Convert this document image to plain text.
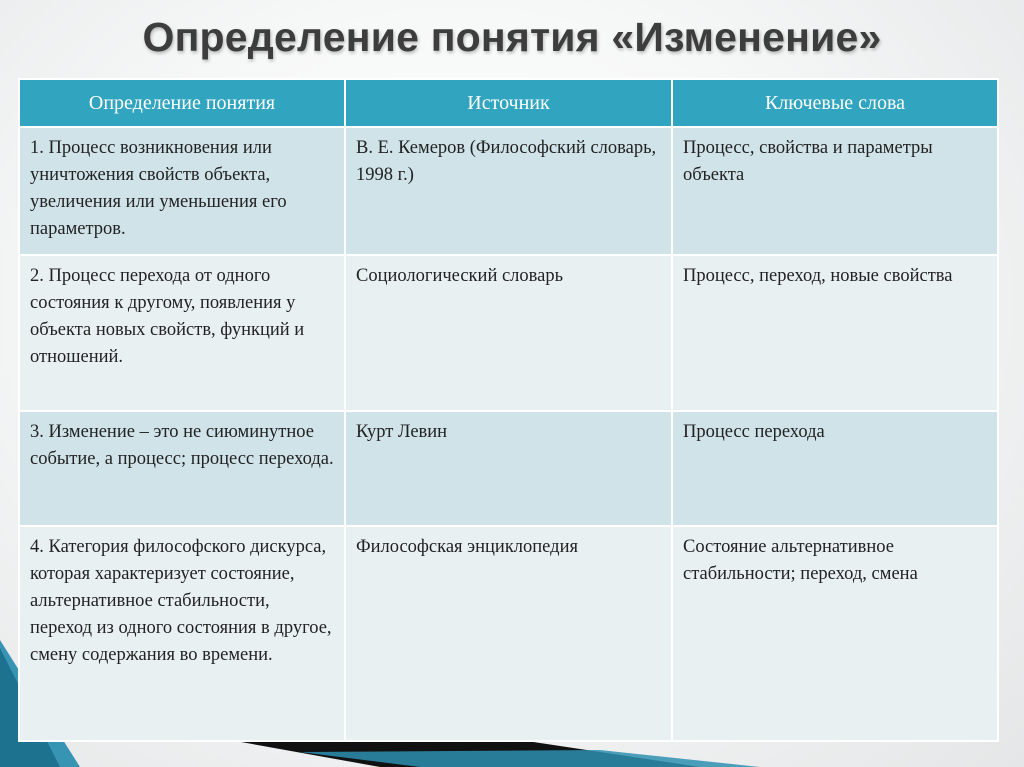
Определение понятия «Изменение»
Определение понятия	Источник	Ключевые слова
1. Процесс возникновения или уничтожения свойств объекта, увеличения или уменьшения его параметров.	В. Е. Кемеров (Философский словарь, 1998 г.)	Процесс, свойства и параметры объекта
2. Процесс перехода от одного состояния к другому, появления у объекта новых свойств, функций и отношений.	Социологический словарь	Процесс, переход, новые свойства
3. Изменение – это не сиюминутное событие, а процесс; процесс перехода.	Курт Левин	Процесс перехода
4. Категория философского дискурса, которая характеризует состояние, альтернативное стабильности, переход из одного состояния в другое, смену содержания во времени.	Философская энциклопедия	Состояние альтернативное стабильности; переход, смена
